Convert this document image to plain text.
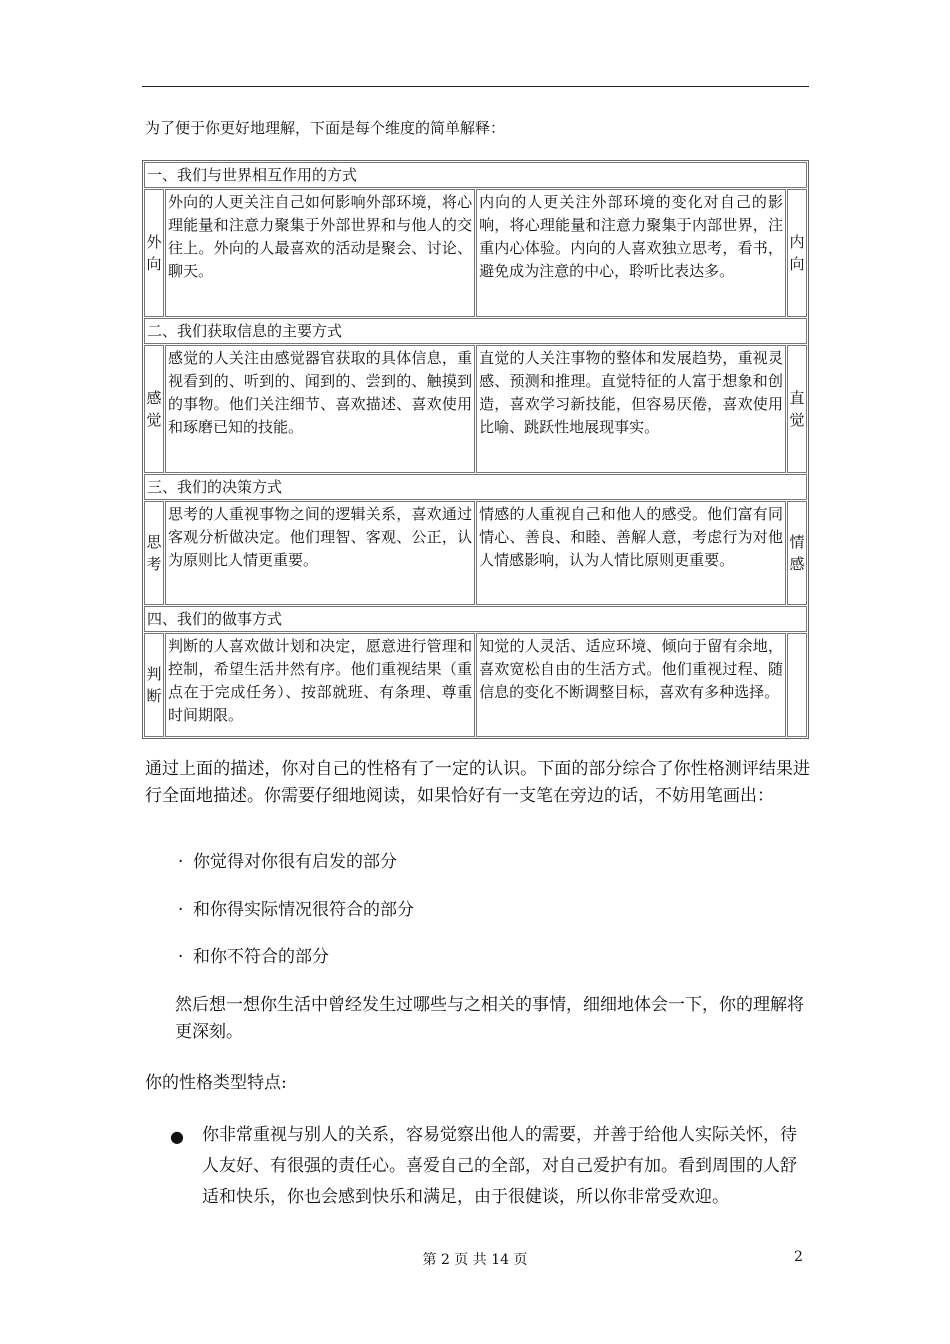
为了便于你更好地理解，下面是每个维度的简单解释：
一、我们与世界相互作用的方式			
外向	外向的人更关注自己如何影响外部环境，将心理能量和注意力聚集于外部世界和与他人的交往上。外向的人最喜欢的活动是聚会、讨论、聊天。	内向的人更关注外部环境的变化对自己的影响，将心理能量和注意力聚集于内部世界，注重内心体验。内向的人喜欢独立思考，看书，避免成为注意的中心，聆听比表达多。	内向
二、我们获取信息的主要方式			
感觉	感觉的人关注由感觉器官获取的具体信息，重视看到的、听到的、闻到的、尝到的、触摸到的事物。他们关注细节、喜欢描述、喜欢使用和琢磨已知的技能。	直觉的人关注事物的整体和发展趋势，重视灵感、预测和推理。直觉特征的人富于想象和创造，喜欢学习新技能，但容易厌倦，喜欢使用比喻、跳跃性地展现事实。	直觉
三、我们的决策方式			
思考	思考的人重视事物之间的逻辑关系，喜欢通过客观分析做决定。他们理智、客观、公正，认为原则比人情更重要。	情感的人重视自己和他人的感受。他们富有同情心、善良、和睦、善解人意，考虑行为对他人情感影响，认为人情比原则更重要。	情感
四、我们的做事方式			
判断	判断的人喜欢做计划和决定，愿意进行管理和控制，希望生活井然有序。他们重视结果（重点在于完成任务）、按部就班、有条理、尊重时间期限。	知觉的人灵活、适应环境、倾向于留有余地，喜欢宽松自由的生活方式。他们重视过程、随信息的变化不断调整目标，喜欢有多种选择。	
通过上面的描述，你对自己的性格有了一定的认识。下面的部分综合了你性格测评结果进行全面地描述。你需要仔细地阅读，如果恰好有一支笔在旁边的话，不妨用笔画出：
· 你觉得对你很有启发的部分
· 和你得实际情况很符合的部分
· 和你不符合的部分
然后想一想你生活中曾经发生过哪些与之相关的事情，细细地体会一下，你的理解将更深刻。
你的性格类型特点:
● 你非常重视与别人的关系，容易觉察出他人的需要，并善于给他人实际关怀，待人友好、有很强的责任心。喜爱自己的全部，对自己爱护有加。看到周围的人舒适和快乐，你也会感到快乐和满足，由于很健谈，所以你非常受欢迎。
第 2 页 共 14 页	2
